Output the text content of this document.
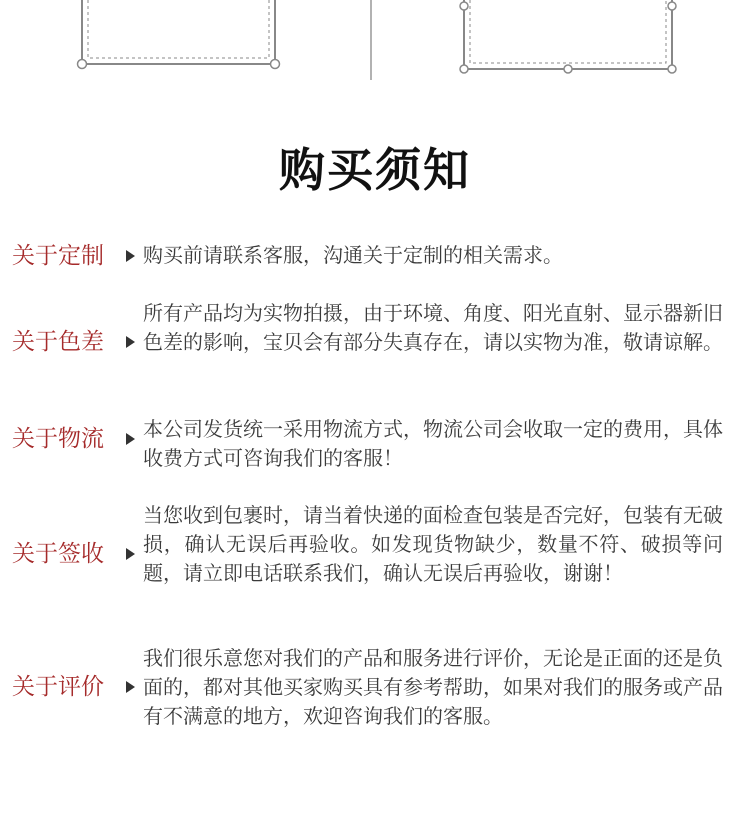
购买须知
关于定制 购买前请联系客服，沟通关于定制的相关需求。
关于色差
所有产品均为实物拍摄，由于环境、角度、阳光直射、显示器新旧色差的影响，宝贝会有部分失真存在，请以实物为准，敬请谅解。
关于物流 本公司发货统一采用物流方式，物流公司会收取一定的费用，具体收费方式可咨询我们的客服！
关于签收
当您收到包裹时，请当着快递的面检查包装是否完好，包装有无破损，确认无误后再验收。如发现货物缺少，数量不符、破损等问题，请立即电话联系我们，确认无误后再验收，谢谢！
关于评价
我们很乐意您对我们的产品和服务进行评价，无论是正面的还是负面的，都对其他买家购买具有参考帮助，如果对我们的服务或产品有不满意的地方，欢迎咨询我们的客服。
